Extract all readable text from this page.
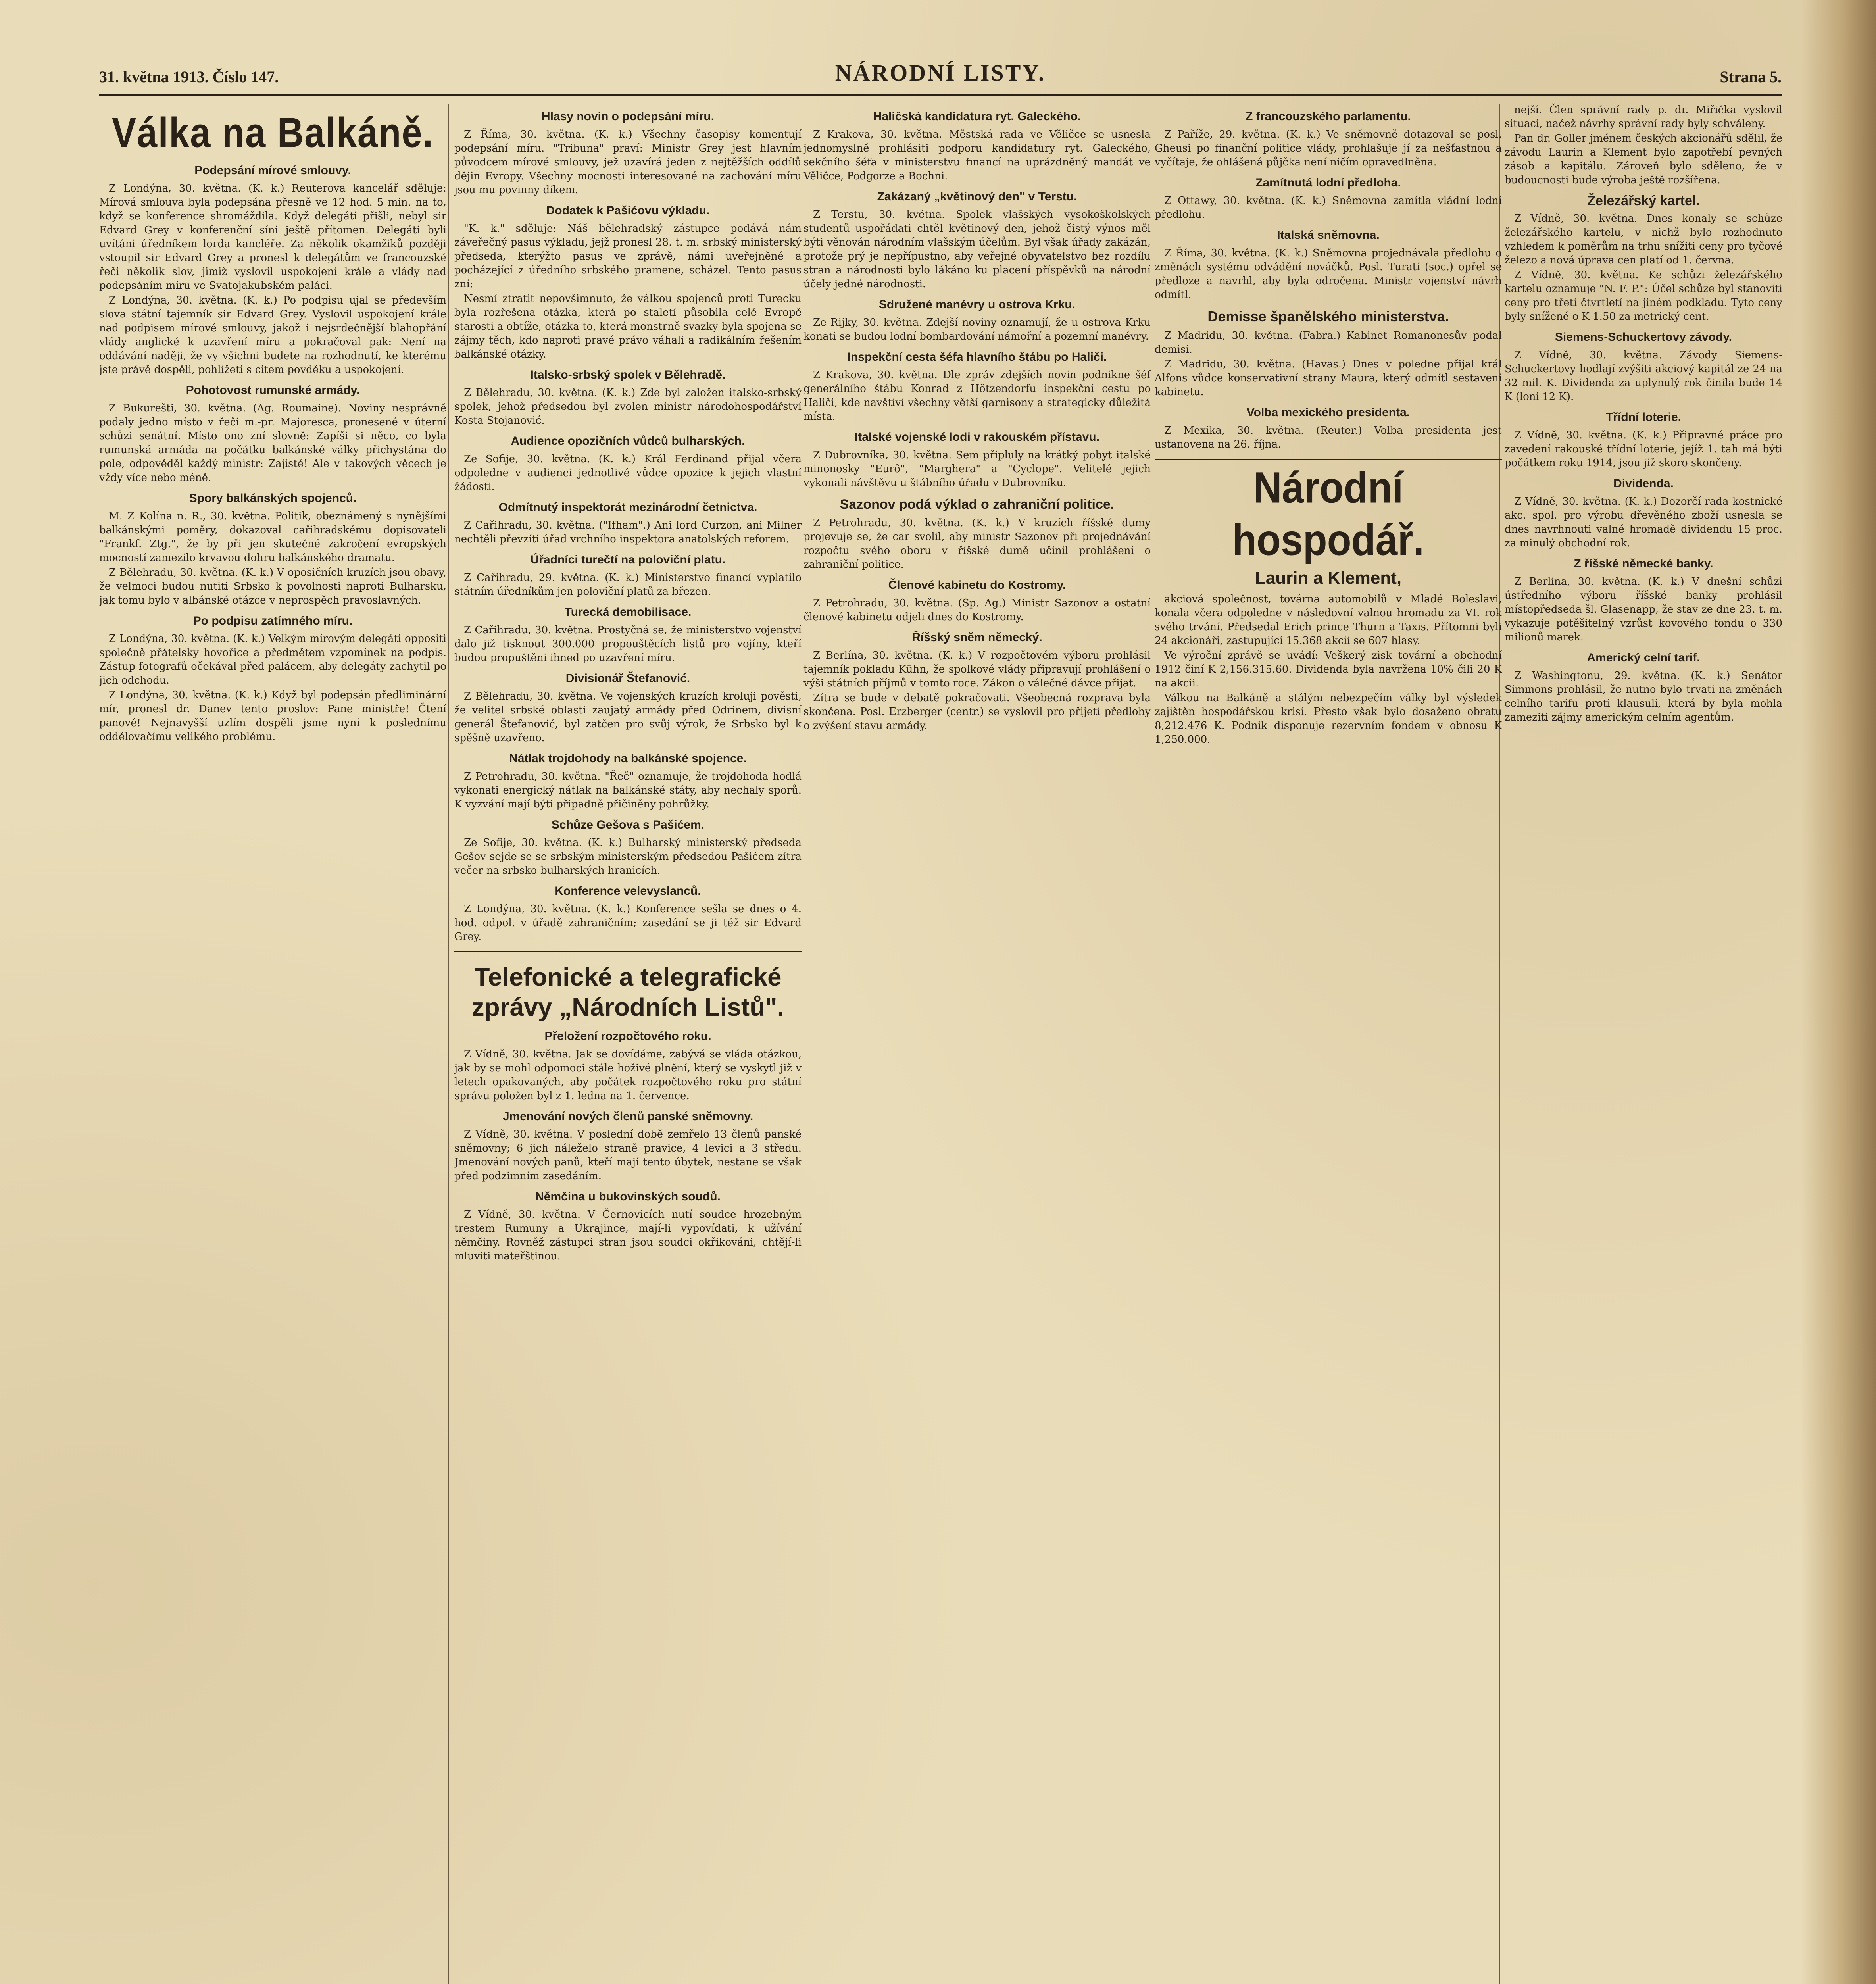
31. května 1913. Číslo 147.	NÁRODNÍ LISTY.	Strana 5.
Válka na Balkáně.
Podepsání mírové smlouvy.

Z Londýna, 30. května. (K. k.) Reuterova kancelář sděluje: Mírová smlouva byla podepsána přesně ve 12 hod. 5 min. na to, když se konference shromáždila. Když delegáti přišli, nebyl sir Edvard Grey v konferenční síni ještě přítomen. Delegáti byli uvítáni úředníkem lorda kancléře. Za několik okamžiků později vstoupil sir Edvard Grey a pronesl k delegátům ve francouzské řeči několik slov, jimiž vyslovil uspokojení krále a vlády nad podepsáním míru ve Svatojakubském paláci.

Z Londýna, 30. května. (K. k.) Po podpisu ujal se především slova státní tajemník sir Edvard Grey. Vyslovil uspokojení krále nad podpisem mírové smlouvy, jakož i nejsrdečnější blahopřání vlády anglické k uzavření míru a pokračoval pak: Není na oddávání naději, že vy všichni budete na rozhodnutí, ke kterému jste právě dospěli, pohlížeti s citem povděku a uspokojení.

Pohotovost rumunské armády.

Z Bukurešti, 30. května. (Ag. Roumaine). Noviny nesprávně podaly jedno místo v řeči m.-pr. Majoresca, pronesené v úterní schůzi senátní. Místo ono zní slovně: Zapíši si něco, co byla rumunská armáda na počátku balkánské války přichystána do pole, odpověděl každý ministr: Zajisté! Ale v takových věcech je vždy více nebo méně.

Spory balkánských spojenců.

M. Z Kolína n. R., 30. května. Politik, obeznámený s nynějšími balkánskými poměry, dokazoval cařihradskému dopisovateli "Frankf. Ztg.", že by při jen skutečné zakročení evropských mocností zamezilo krvavou dohru balkánského dramatu.

Z Bělehradu, 30. května. (K. k.) V oposičních kruzích jsou obavy, že velmoci budou nutiti Srbsko k povolnosti naproti Bulharsku, jak tomu bylo v albánské otázce v neprospěch pravoslavných.

Po podpisu zatímného míru.

Z Londýna, 30. května. (K. k.) Velkým mírovým delegáti oppositi společně přátelsky hovořice a předmětem vzpomínek na podpis. Zástup fotografů očekával před palácem, aby delegáty zachytil po jich odchodu.

Z Londýna, 30. května. (K. k.) Když byl podepsán předliminární mír, pronesl dr. Danev tento proslov: Pane ministře! Čtení panové! Nejnavyšší uzlím dospěli jsme nyní k poslednímu oddělovačímu velikého problému.

Hlasy novin o podepsání míru.

Z Říma, 30. května. (K. k.) Všechny časopisy komentují podepsání míru. "Tribuna" praví: Ministr Grey jest hlavním původcem mírové smlouvy, jež uzavírá jeden z nejtěžších oddílů dějin Evropy. Všechny mocnosti interesované na zachování míru jsou mu povinny díkem.

Dodatek k Pašićovu výkladu.

"K. k." sděluje: Náš bělehradský zástupce podává nám záveřečný pasus výkladu, jejž pronesl 28. t. m. srbský ministerský předseda, kterýžto pasus ve zprávě, námi uveřejněné a pocházející z úředního srbského pramene, scházel. Tento pasus zní:

Nesmí ztratit nepovšimnuto, že válkou spojenců proti Turecku byla rozřešena otázka, která po staletí působila celé Evropě starosti a obtíže, otázka to, která monstrně svazky byla spojena se zájmy těch, kdo naproti pravé právo váhali a radikálním řešením balkánské otázky.

Italsko-srbský spolek v Bělehradě.

Z Bělehradu, 30. května. (K. k.) Zde byl založen italsko-srbský spolek, jehož předsedou byl zvolen ministr národohospodářství Kosta Stojanović.

Audience opozičních vůdců bulharských.

Ze Sofije, 30. května. (K. k.) Král Ferdinand přijal včera odpoledne v audienci jednotlivé vůdce opozice k jejich vlastní žádosti.

Odmítnutý inspektorát mezinárodní četnictva.

Z Cařihradu, 30. května. ("Ifham".) Ani lord Curzon, ani Milner nechtěli převzíti úřad vrchního inspektora anatolských reforem.

Úřadníci turečtí na poloviční platu.

Z Cařihradu, 29. května. (K. k.) Ministerstvo financí vyplatilo státním úředníkům jen poloviční platů za březen.

Turecká demobilisace.

Z Cařihradu, 30. května. Prostyčná se, že ministerstvo vojenství dalo již tisknout 300.000 propouštěcích listů pro vojíny, kteří budou propuštěni ihned po uzavření míru.

Divisionář Štefanović.

Z Bělehradu, 30. května. Ve vojenských kruzích kroluji pověsti, že velitel srbské oblasti zaujatý armády před Odrinem, divisní generál Štefanović, byl zatčen pro svůj výrok, že Srbsko byl k spěšně uzavřeno.

Nátlak trojdohody na balkánské spojence.

Z Petrohradu, 30. května. "Řeč" oznamuje, že trojdohoda hodlá vykonati energický nátlak na balkánské státy, aby nechaly sporů. K vyzvání mají býti připadně přičiněny pohrůžky.

Schůze Gešova s Pašićem.

Ze Sofije, 30. května. (K. k.) Bulharský ministerský předseda Gešov sejde se se srbským ministerským předsedou Pašićem zítra večer na srbsko-bulharských hranicích.

Konference velevyslanců.

Z Londýna, 30. května. (K. k.) Konference sešla se dnes o 4. hod. odpol. v úřadě zahraničním; zasedání se ji též sir Edvard Grey.

Telefonické a telegrafické zprávy „Národních Listů".
Přeložení rozpočtového roku.

Z Vídně, 30. května. Jak se dovídáme, zabývá se vláda otázkou, jak by se mohl odpomoci stále hoživé plnění, který se vyskytl již v letech opakovaných, aby počátek rozpočtového roku pro státní správu položen byl z 1. ledna na 1. července.

Jmenování nových členů panské sněmovny.

Z Vídně, 30. května. V poslední době zemřelo 13 členů panské sněmovny; 6 jich náleželo straně pravice, 4 levici a 3 středu. Jmenování nových panů, kteří mají tento úbytek, nestane se však před podzimním zasedáním.

Němčina u bukovinských soudů.

Z Vídně, 30. května. V Černovicích nutí soudce hrozebným trestem Rumuny a Ukrajince, mají-li vypovídati, k užívání němčiny. Rovněž zástupci stran jsou soudci okřikováni, chtějí-li mluviti mateřštinou.

Haličská kandidatura ryt. Galeckého.

Z Krakova, 30. května. Městská rada ve Věličce se usnesla jednomyslně prohlásiti podporu kandidatury ryt. Galeckého, sekčního šéfa v ministerstvu financí na uprázdněný mandát ve Věličce, Podgorze a Bochni.

Zakázaný „květinový den" v Terstu.

Z Terstu, 30. května. Spolek vlašských vysokoškolských studentů uspořádati chtěl květinový den, jehož čistý výnos měl býti věnován národním vlašským účelům. Byl však úřady zakázán, protože prý je nepřípustno, aby veřejné obyvatelstvo bez rozdílu stran a národnosti bylo lákáno ku placení příspěvků na národní účely jedné národnosti.

Sdružené manévry u ostrova Krku.

Ze Rijky, 30. května. Zdejší noviny oznamují, že u ostrova Krku konati se budou lodní bombardování námořní a pozemní manévry.

Inspekční cesta šéfa hlavního štábu po Haliči.

Z Krakova, 30. května. Dle zpráv zdejších novin podnikne šéf generálního štábu Konrad z Hötzendorfu inspekční cestu po Haliči, kde navštíví všechny větší garnisony a strategicky důležitá místa.

Italské vojenské lodi v rakouském přístavu.

Z Dubrovníka, 30. května. Sem připluly na krátký pobyt italské minonosky "Eurô", "Margherа" a "Cyclope". Velitelé jejich vykonali návštěvu u štábního úřadu v Dubrovníku.

Sazonov podá výklad o zahraniční politice.

Z Petrohradu, 30. května. (K. k.) V kruzích říšské dumy projevuje se, že car svolil, aby ministr Sazonov při projednávání rozpočtu svého oboru v říšské dumě učinil prohlášení o zahraniční politice.

Členové kabinetu do Kostromy.

Z Petrohradu, 30. května. (Sp. Ag.) Ministr Sazonov a ostatní členové kabinetu odjeli dnes do Kostromy.

Říšský sněm německý.

Z Berlína, 30. května. (K. k.) V rozpočtovém výboru prohlásil tajemník pokladu Kühn, že spolkové vlády připravují prohlášení o výši státních příjmů v tomto roce. Zákon o válečné dávce přijat.

Zítra se bude v debatě pokračovati. Všeobecná rozprava byla skončena. Posl. Erzberger (centr.) se vyslovil pro přijetí předlohy o zvýšení stavu armády.

Z francouzského parlamentu.

Z Paříže, 29. května. (K. k.) Ve sněmovně dotazoval se posl. Gheusi po finanční politice vlády, prohlašuje jí za nešťastnou a vyčítaje, že ohlášená půjčka není ničím opravedlněna.

Zamítnutá lodní předloha.

Z Ottawy, 30. května. (K. k.) Sněmovna zamítla vládní lodní předlohu.

Italská sněmovna.

Z Říma, 30. května. (K. k.) Sněmovna projednávala předlohu o změnách systému odvádění nováčků. Posl. Turati (soc.) opřel se předloze a navrhl, aby byla odročena. Ministr vojenství návrh odmítl.

Demisse španělského ministerstva.

Z Madridu, 30. května. (Fabra.) Kabinet Romanonesův podal demisi.

Z Madridu, 30. května. (Havas.) Dnes v poledne přijal král Alfons vůdce konservativní strany Maura, který odmítl sestavení kabinetu.

Volba mexického presidenta.

Z Mexika, 30. května. (Reuter.) Volba presidenta jest ustanovena na 26. října.

Národní hospodář.
Laurin a Klement,

akciová společnost, továrna automobilů v Mladé Boleslavi, konala včera odpoledne v následovní valnou hromadu za VI. rok svého trvání. Předsedal Erich prince Thurn a Taxis. Přítomni byli 24 akcionáři, zastupující 15.368 akcií se 607 hlasy.

Ve výroční zprávě se uvádí: Veškerý zisk tovární a obchodní 1912 činí K 2,156.315.60. Dividenda byla navržena 10% čili 20 K na akcii.

Válkou na Balkáně a stálým nebezpečím války byl výsledek zajištěn hospodářskou krisí. Přesto však bylo dosaženo obratu 8,212.476 K. Podnik disponuje rezervním fondem v obnosu K 1,250.000.

nejší. Člen správní rady p. dr. Miřička vyslovil situaci, načež návrhy správní rady byly schváleny.

Pan dr. Goller jménem českých akcionářů sdělil, že závodu Laurin a Klement bylo zapotřebí pevných zásob a kapitálu. Zároveň bylo sděleno, že v budoucnosti bude výroba ještě rozšířena.

Železářský kartel.

Z Vídně, 30. května. Dnes konaly se schůze železářského kartelu, v nichž bylo rozhodnuto vzhledem k poměrům na trhu snížiti ceny pro tyčové železo a nová úprava cen platí od 1. června.

Z Vídně, 30. května. Ke schůzi železářského kartelu oznamuje "N. F. P.": Účel schůze byl stanoviti ceny pro třetí čtvrtletí na jiném podkladu. Tyto ceny byly snížené o K 1.50 za metrický cent.

Siemens-Schuckertovy závody.

Z Vídně, 30. května. Závody Siemens-Schuckertovy hodlají zvýšiti akciový kapitál ze 24 na 32 mil. K. Dividenda za uplynulý rok činila bude 14 K (loni 12 K).

Třídní loterie.

Z Vídně, 30. května. (K. k.) Připravné práce pro zavedení rakouské třídní loterie, jejíž 1. tah má býti počátkem roku 1914, jsou již skoro skončeny.

Dividenda.

Z Vídně, 30. května. (K. k.) Dozorčí rada kostnické akc. spol. pro výrobu dřevěného zboží usnesla se dnes navrhnouti valné hromadě dividendu 15 proc. za minulý obchodní rok.

Z říšské německé banky.

Z Berlína, 30. května. (K. k.) V dnešní schůzi ústředního výboru říšské banky prohlásil místopředseda šl. Glasenapp, že stav ze dne 23. t. m. vykazuje potěšitelný vzrůst kovového fondu o 330 milionů marek.

Americký celní tarif.

Z Washingtonu, 29. května. (K. k.) Senátor Simmons prohlásil, že nutno bylo trvati na změnách celního tarifu proti klausuli, která by byla mohla zameziti zájmy americkým celním agentům.
